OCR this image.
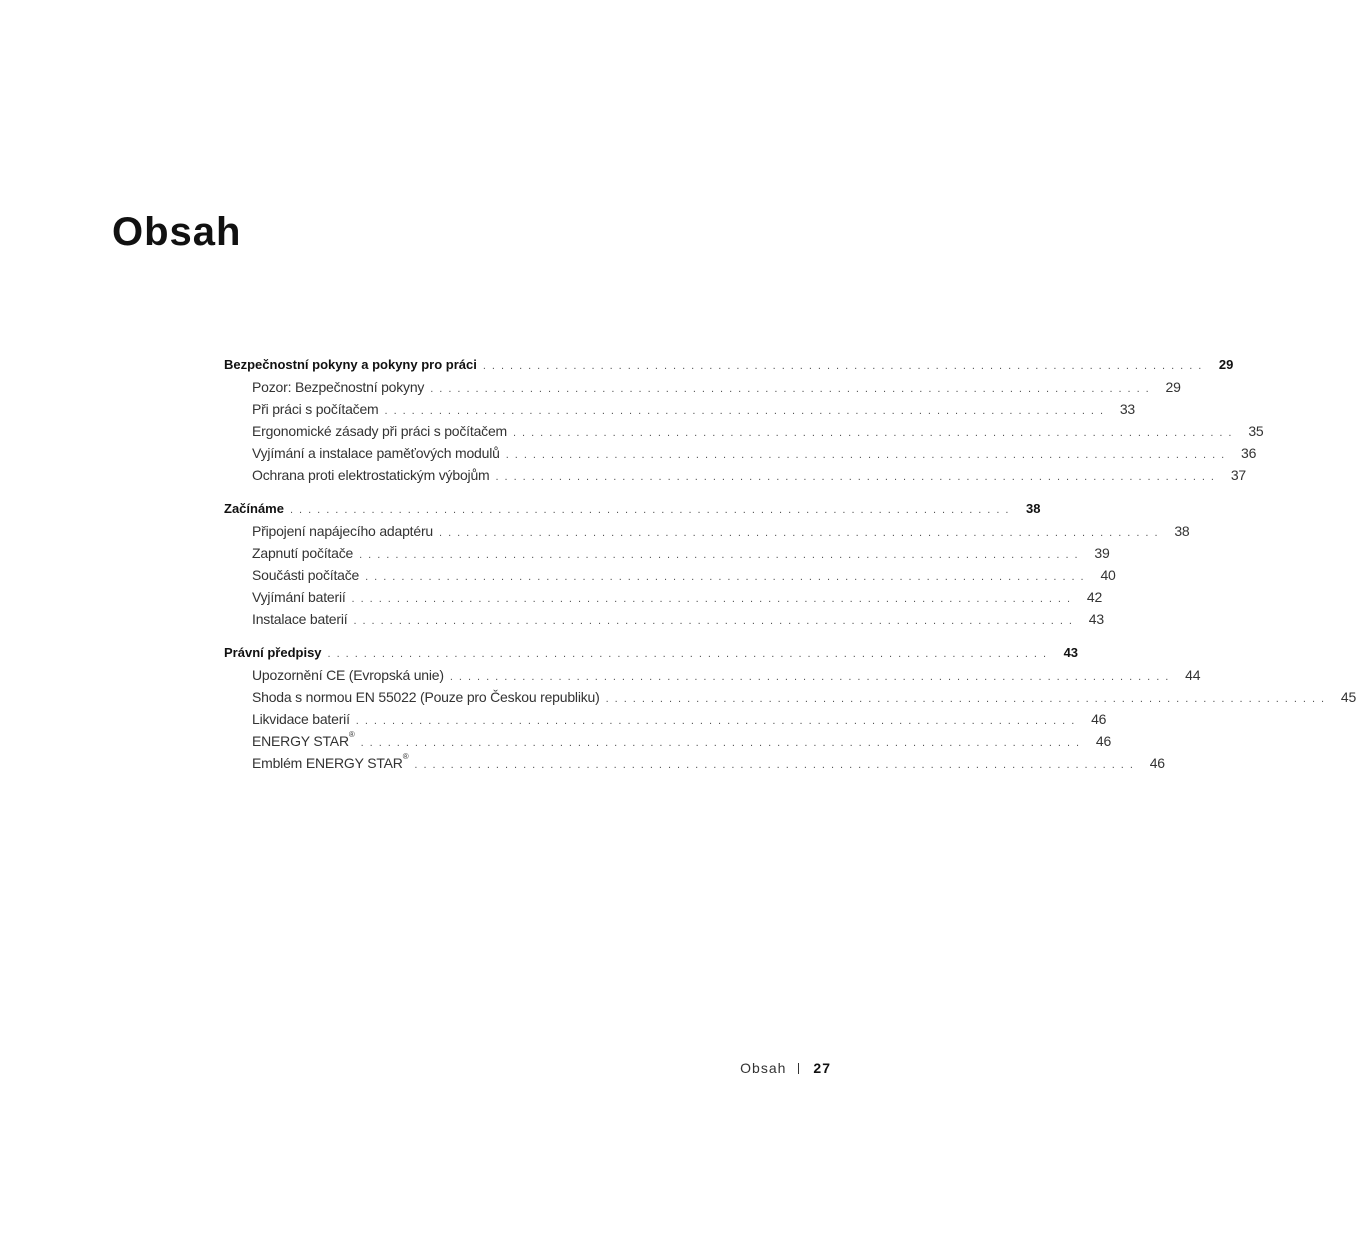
Obsah
Bezpečnostní pokyny a pokyny pro práci ................................................................................ 29
Pozor: Bezpečnostní pokyny ................................................................................ 29
Při práci s počítačem ................................................................................ 33
Ergonomické zásady při práci s počítačem ................................................................................ 35
Vyjímání a instalace paměťových modulů ................................................................................ 36
Ochrana proti elektrostatickým výbojům ................................................................................ 37
Začínáme ................................................................................ 38
Připojení napájecího adaptéru ................................................................................ 38
Zapnutí počítače ................................................................................ 39
Součásti počítače ................................................................................ 40
Vyjímání baterií ................................................................................ 42
Instalace baterií ................................................................................ 43
Právní předpisy ................................................................................ 43
Upozornění CE (Evropská unie) ................................................................................ 44
Shoda s normou EN 55022 (Pouze pro Českou republiku) ................................................................................ 45
Likvidace baterií ................................................................................ 46
ENERGY STAR®
................................................................................ 46
Emblém ENERGY STAR®
................................................................................ 46
Obsah 27
